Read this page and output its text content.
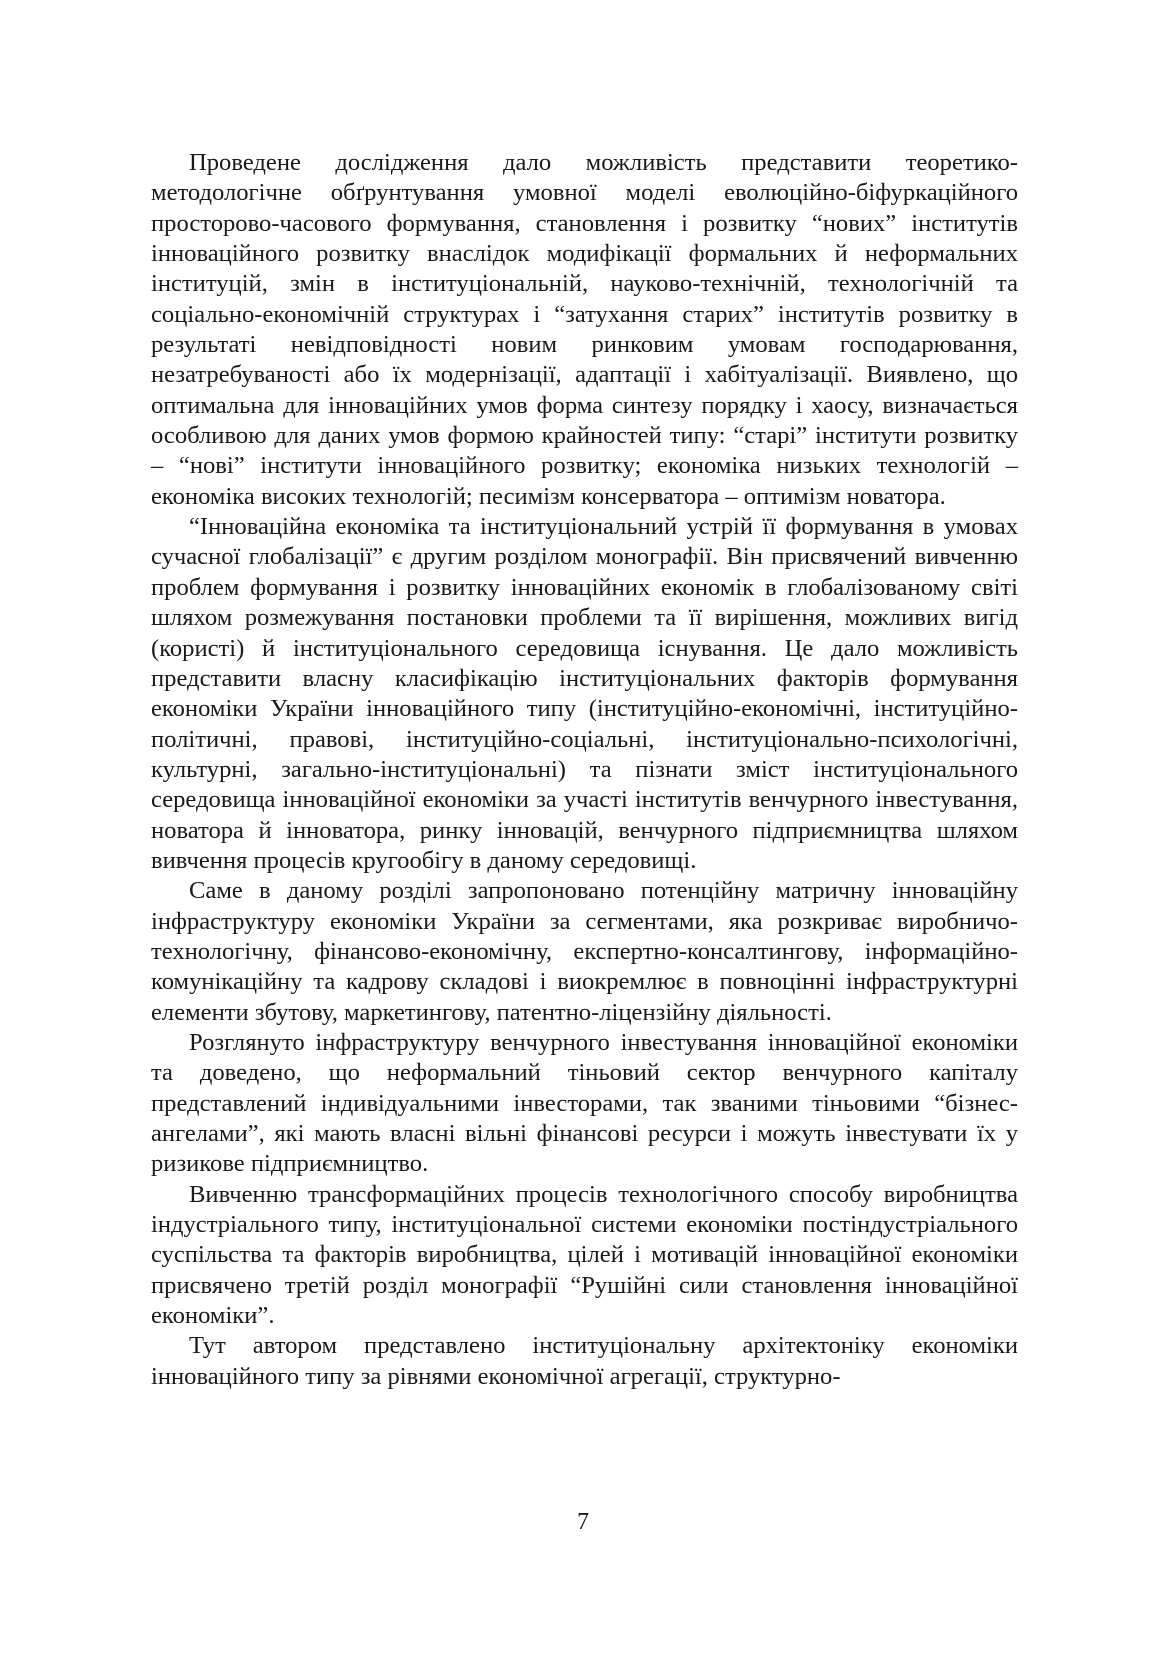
Проведене дослідження дало можливість представити теоретико-методологічне обґрунтування умовної моделі еволюційно-біфуркаційного просторово-часового формування, становлення і розвитку “нових” інститутів інноваційного розвитку внаслідок модифікації формальних й неформальних інституцій, змін в інституціональній, науково-технічній, технологічній та соціально-економічній структурах і “затухання старих” інститутів розвитку в результаті невідповідності новим ринковим умовам господарювання, незатребуваності або їх модернізації, адаптації і хабітуалізації. Виявлено, що оптимальна для інноваційних умов форма синтезу порядку і хаосу, визначається особливою для даних умов формою крайностей типу: “старі” інститути розвитку – “нові” інститути інноваційного розвитку; економіка низьких технологій – економіка високих технологій; песимізм консерватора – оптимізм новатора.

“Інноваційна економіка та інституціональний устрій її формування в умовах сучасної глобалізації” є другим розділом монографії. Він присвячений вивченню проблем формування і розвитку інноваційних економік в глобалізованому світі шляхом розмежування постановки проблеми та її вирішення, можливих вигід (користі) й інституціонального середовища існування. Це дало можливість представити власну класифікацію інституціональних факторів формування економіки України інноваційного типу (інституційно-економічні, інституційно-політичні, правові, інституційно-соціальні, інституціонально-психологічні, культурні, загально-інституціональні) та пізнати зміст інституціонального середовища інноваційної економіки за участі інститутів венчурного інвестування, новатора й інноватора, ринку інновацій, венчурного підприємництва шляхом вивчення процесів кругообігу в даному середовищі.

Саме в даному розділі запропоновано потенційну матричну інноваційну інфраструктуру економіки України за сегментами, яка розкриває виробничо-технологічну, фінансово-економічну, експертно-консалтингову, інформаційно-комунікаційну та кадрову складові і виокремлює в повноцінні інфраструктурні елементи збутову, маркетингову, патентно-ліцензійну діяльності.

Розглянуто інфраструктуру венчурного інвестування інноваційної економіки та доведено, що неформальний тіньовий сектор венчурного капіталу представлений індивідуальними інвесторами, так званими тіньовими “бізнес-ангелами”, які мають власні вільні фінансові ресурси і можуть інвестувати їх у ризикове підприємництво.

Вивченню трансформаційних процесів технологічного способу виробництва індустріального типу, інституціональної системи економіки постіндустріального суспільства та факторів виробництва, цілей і мотивацій інноваційної економіки присвячено третій розділ монографії “Рушійні сили становлення інноваційної економіки”.

Тут автором представлено інституціональну архітектоніку економіки інноваційного типу за рівнями економічної агрегації, структурно-

7
